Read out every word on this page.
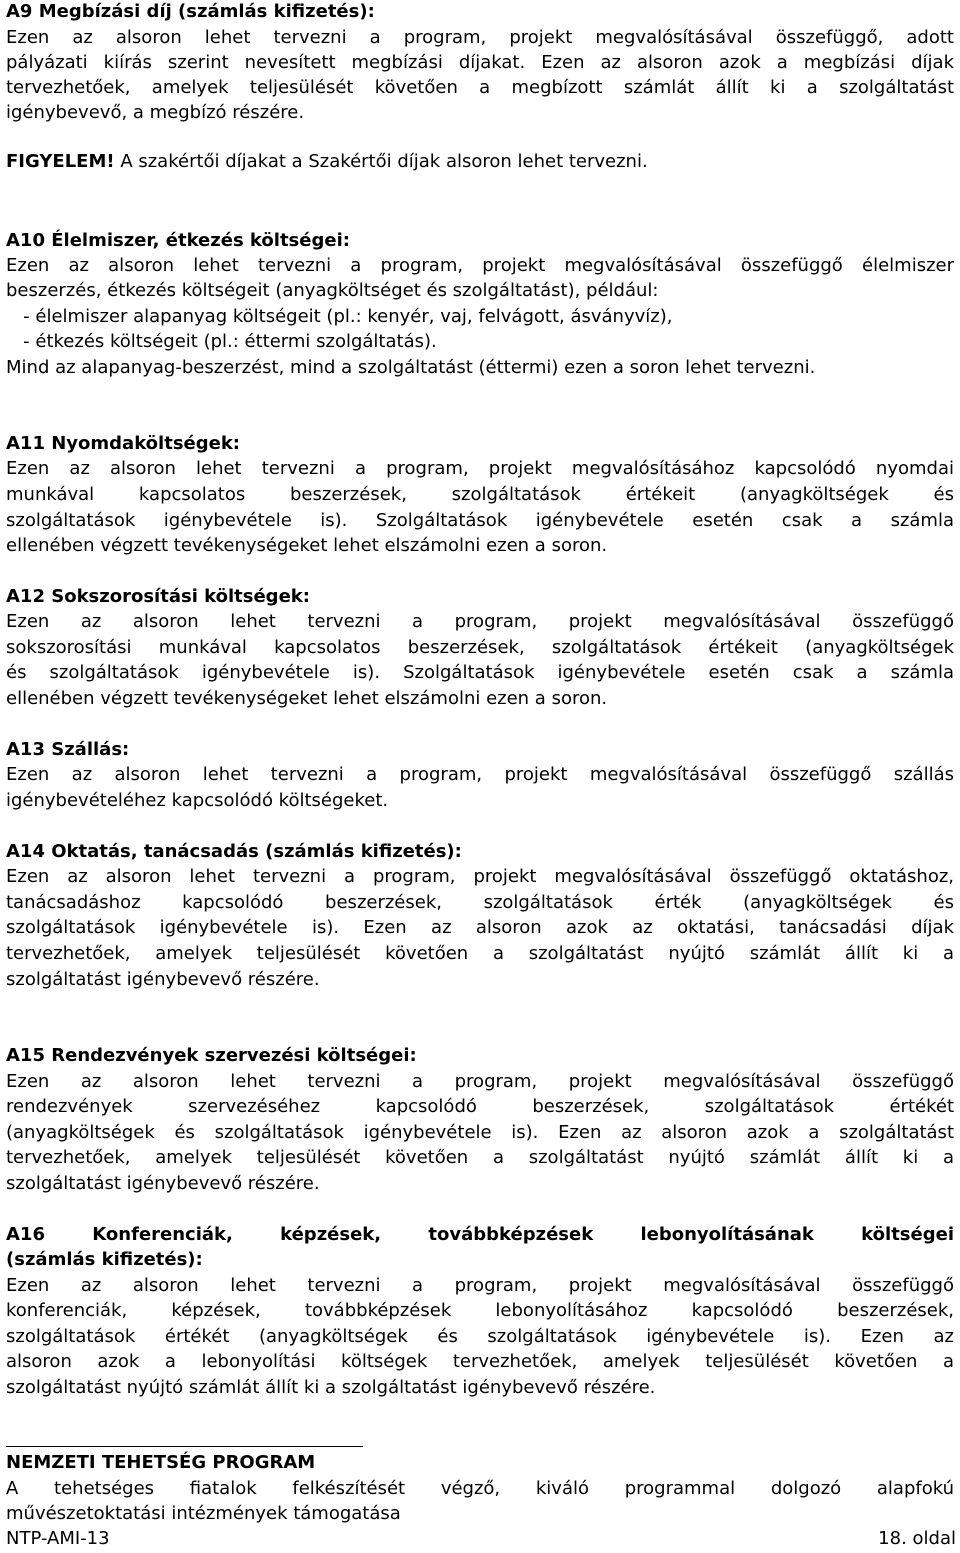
A9 Megbízási díj (számlás kifizetés):
Ezen az alsoron lehet tervezni a program, projekt megvalósításával összefüggő, adott
pályázati kiírás szerint nevesített megbízási díjakat. Ezen az alsoron azok a megbízási díjak
tervezhetőek, amelyek teljesülését követően a megbízott számlát állít ki a szolgáltatást
igénybevevő, a megbízó részére.
FIGYELEM! A szakértői díjakat a Szakértői díjak alsoron lehet tervezni.
A10 Élelmiszer, étkezés költségei:
Ezen az alsoron lehet tervezni a program, projekt megvalósításával összefüggő élelmiszer
beszerzés, étkezés költségeit (anyagköltséget és szolgáltatást), például:
- élelmiszer alapanyag költségeit (pl.: kenyér, vaj, felvágott, ásványvíz),
- étkezés költségeit (pl.: éttermi szolgáltatás).
Mind az alapanyag-beszerzést, mind a szolgáltatást (éttermi) ezen a soron lehet tervezni.
A11 Nyomdaköltségek:
Ezen az alsoron lehet tervezni a program, projekt megvalósításához kapcsolódó nyomdai
munkával kapcsolatos beszerzések, szolgáltatások értékeit (anyagköltségek és
szolgáltatások igénybevétele is). Szolgáltatások igénybevétele esetén csak a számla
ellenében végzett tevékenységeket lehet elszámolni ezen a soron.
A12 Sokszorosítási költségek:
Ezen az alsoron lehet tervezni a program, projekt megvalósításával összefüggő
sokszorosítási munkával kapcsolatos beszerzések, szolgáltatások értékeit (anyagköltségek
és szolgáltatások igénybevétele is). Szolgáltatások igénybevétele esetén csak a számla
ellenében végzett tevékenységeket lehet elszámolni ezen a soron.
A13 Szállás:
Ezen az alsoron lehet tervezni a program, projekt megvalósításával összefüggő szállás
igénybevételéhez kapcsolódó költségeket.
A14 Oktatás, tanácsadás (számlás kifizetés):
Ezen az alsoron lehet tervezni a program, projekt megvalósításával összefüggő oktatáshoz,
tanácsadáshoz kapcsolódó beszerzések, szolgáltatások érték (anyagköltségek és
szolgáltatások igénybevétele is). Ezen az alsoron azok az oktatási, tanácsadási díjak
tervezhetőek, amelyek teljesülését követően a szolgáltatást nyújtó számlát állít ki a
szolgáltatást igénybevevő részére.
A15 Rendezvények szervezési költségei:
Ezen az alsoron lehet tervezni a program, projekt megvalósításával összefüggő
rendezvények szervezéséhez kapcsolódó beszerzések, szolgáltatások értékét
(anyagköltségek és szolgáltatások igénybevétele is). Ezen az alsoron azok a szolgáltatást
tervezhetőek, amelyek teljesülését követően a szolgáltatást nyújtó számlát állít ki a
szolgáltatást igénybevevő részére.
A16 Konferenciák, képzések, továbbképzések lebonyolításának költségei
(számlás kifizetés):
Ezen az alsoron lehet tervezni a program, projekt megvalósításával összefüggő
konferenciák, képzések, továbbképzések lebonyolításához kapcsolódó beszerzések,
szolgáltatások értékét (anyagköltségek és szolgáltatások igénybevétele is). Ezen az
alsoron azok a lebonyolítási költségek tervezhetőek, amelyek teljesülését követően a
szolgáltatást nyújtó számlát állít ki a szolgáltatást igénybevevő részére.
NEMZETI TEHETSÉG PROGRAM
A tehetséges fiatalok felkészítését végző, kiváló programmal dolgozó alapfokú
művészetoktatási intézmények támogatása
NTP-AMI-13	18. oldal
